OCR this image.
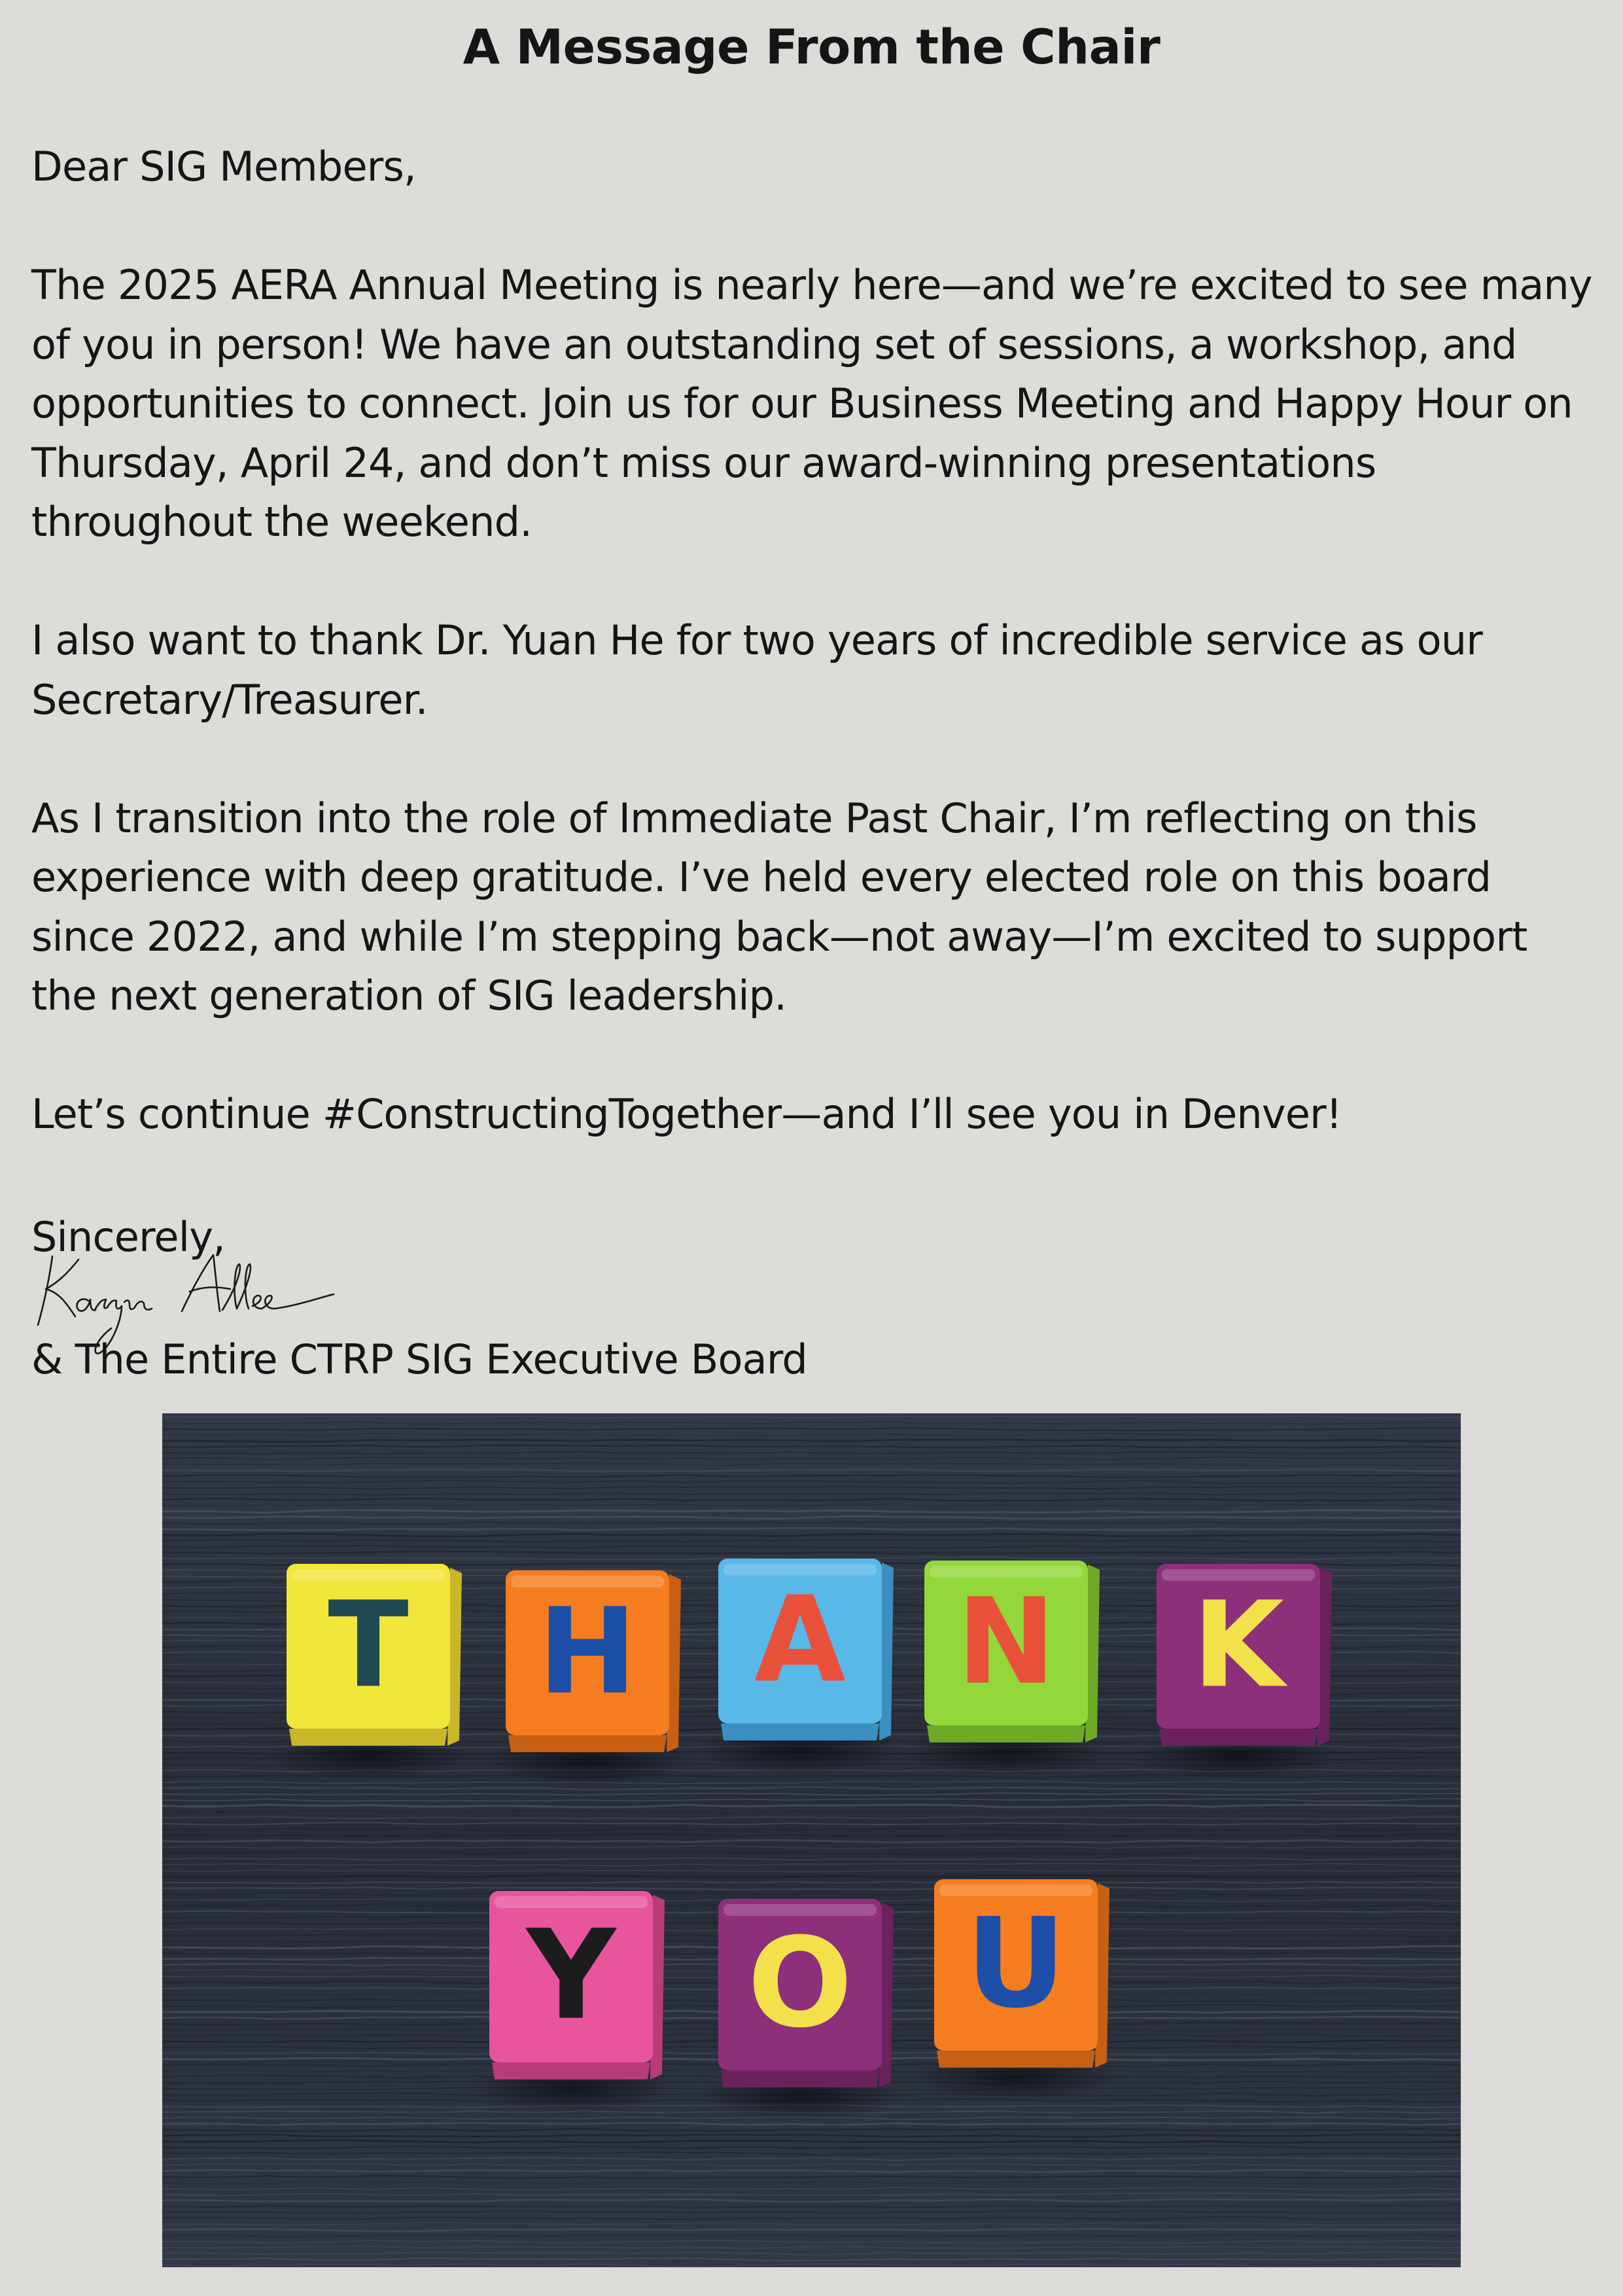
A Message From the Chair

Dear SIG Members,

The 2025 AERA Annual Meeting is nearly here—and we’re excited to see many of you in person! We have an outstanding set of sessions, a workshop, and opportunities to connect. Join us for our Business Meeting and Happy Hour on Thursday, April 24, and don’t miss our award-winning presentations throughout the weekend.

I also want to thank Dr. Yuan He for two years of incredible service as our Secretary/Treasurer.

As I transition into the role of Immediate Past Chair, I’m reflecting on this experience with deep gratitude. I’ve held every elected role on this board since 2022, and while I’m stepping back—not away—I’m excited to support the next generation of SIG leadership.

Let’s continue #ConstructingTogether—and I’ll see you in Denver!

Sincerely,

& The Entire CTRP SIG Executive Board

T H A N K
Y O U
